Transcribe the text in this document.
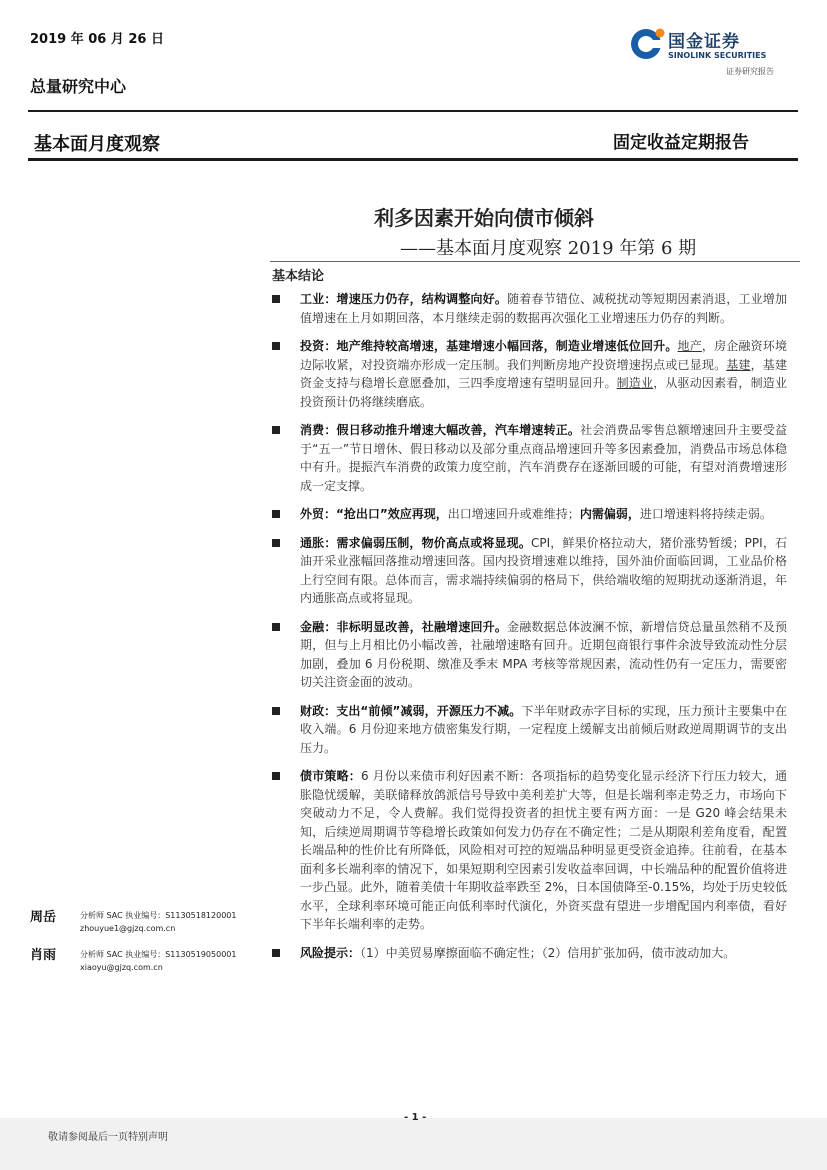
2019 年 06 月 26 日
总量研究中心
国金证券
SINOLINK SECURITIES
证券研究报告
基本面月度观察	固定收益定期报告
利多因素开始向债市倾斜
——基本面月度观察 2019 年第 6 期
基本结论
工业：增速压力仍存，结构调整向好。随着春节错位、减税扰动等短期因素消退，工业增加值增速在上月如期回落，本月继续走弱的数据再次强化工业增速压力仍存的判断。
投资：地产维持较高增速，基建增速小幅回落，制造业增速低位回升。地产，房企融资环境边际收紧，对投资端亦形成一定压制。我们判断房地产投资增速拐点或已显现。基建，基建资金支持与稳增长意愿叠加，三四季度增速有望明显回升。制造业，从驱动因素看，制造业投资预计仍将继续磨底。
消费：假日移动推升增速大幅改善，汽车增速转正。社会消费品零售总额增速回升主要受益于“五一”节日增休、假日移动以及部分重点商品增速回升等多因素叠加，消费品市场总体稳中有升。提振汽车消费的政策力度空前，汽车消费存在逐渐回暖的可能，有望对消费增速形成一定支撑。
外贸：“抢出口”效应再现，出口增速回升或难维持；内需偏弱，进口增速料将持续走弱。
通胀：需求偏弱压制，物价高点或将显现。CPI，鲜果价格拉动大，猪价涨势暂缓；PPI，石油开采业涨幅回落推动增速回落。国内投资增速难以维持，国外油价面临回调，工业品价格上行空间有限。总体而言，需求端持续偏弱的格局下，供给端收缩的短期扰动逐渐消退，年内通胀高点或将显现。
金融：非标明显改善，社融增速回升。金融数据总体波澜不惊，新增信贷总量虽然稍不及预期，但与上月相比仍小幅改善，社融增速略有回升。近期包商银行事件余波导致流动性分层加剧，叠加 6 月份税期、缴准及季末 MPA 考核等常规因素，流动性仍有一定压力，需要密切关注资金面的波动。
财政：支出“前倾”减弱，开源压力不减。下半年财政赤字目标的实现，压力预计主要集中在收入端。6 月份迎来地方债密集发行期，一定程度上缓解支出前倾后财政逆周期调节的支出压力。
债市策略：6 月份以来债市利好因素不断：各项指标的趋势变化显示经济下行压力较大，通胀隐忧缓解，美联储释放鸽派信号导致中美利差扩大等，但是长端利率走势乏力，市场向下突破动力不足，令人费解。我们觉得投资者的担忧主要有两方面：一是 G20 峰会结果未知，后续逆周期调节等稳增长政策如何发力仍存在不确定性；二是从期限利差角度看，配置长端品种的性价比有所降低，风险相对可控的短端品种明显更受资金追捧。往前看，在基本面利多长端利率的情况下，如果短期利空因素引发收益率回调，中长端品种的配置价值将进一步凸显。此外，随着美债十年期收益率跌至 2%，日本国债降至-0.15%，均处于历史较低水平，全球利率环境可能正向低利率时代演化，外资买盘有望进一步增配国内利率债，看好下半年长端利率的走势。
风险提示：（1）中美贸易摩擦面临不确定性；（2）信用扩张加码，债市波动加大。
周岳	分析师 SAC 执业编号：S1130518120001
zhouyue1@gjzq.com.cn
肖雨	分析师 SAC 执业编号：S1130519050001
xiaoyu@gjzq.com.cn
- 1 -
敬请参阅最后一页特别声明
